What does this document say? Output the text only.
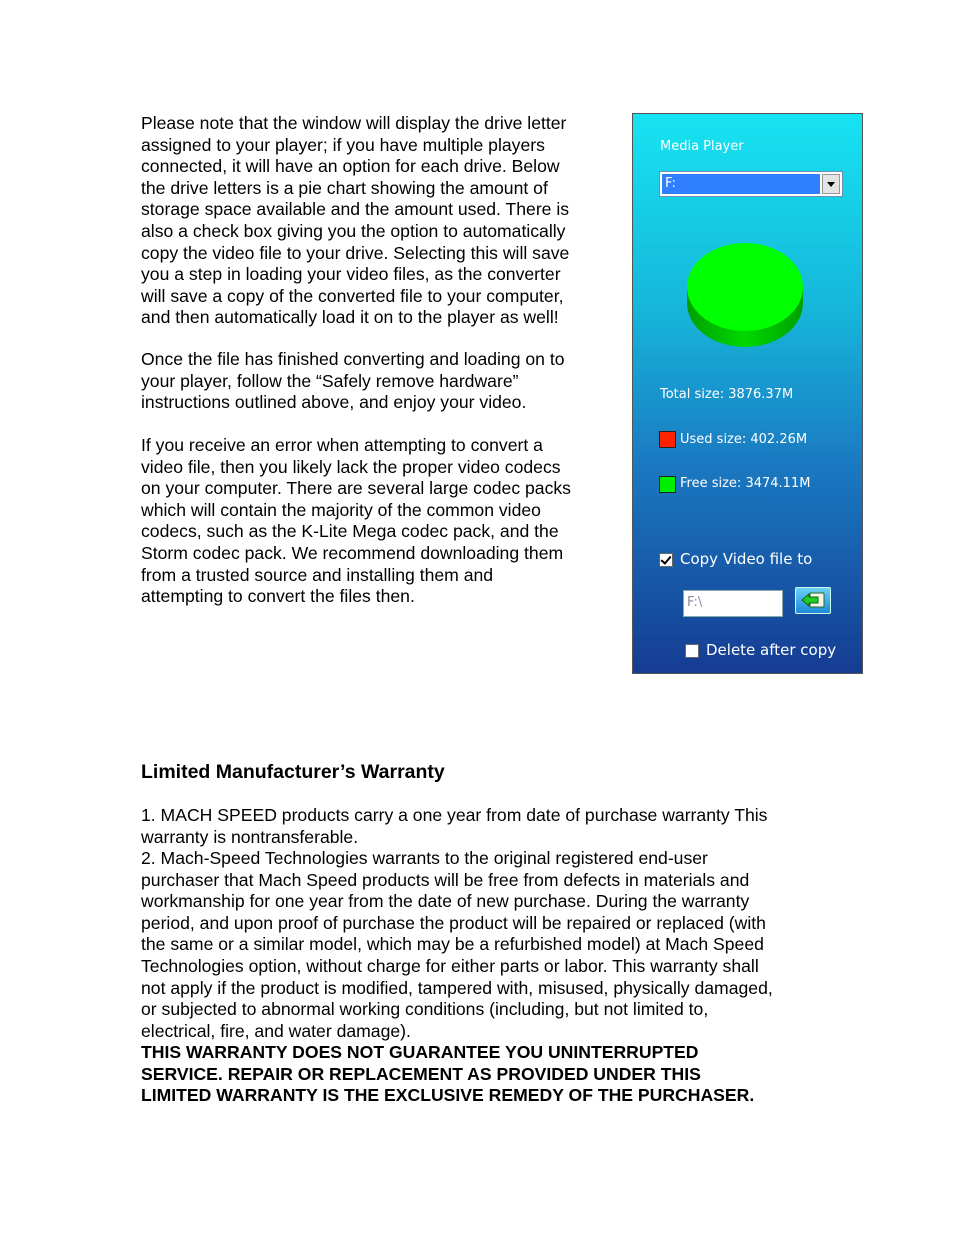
Please note that the window will display the drive letter
assigned to your player; if you have multiple players
connected, it will have an option for each drive. Below
the drive letters is a pie chart showing the amount of
storage space available and the amount used. There is
also a check box giving you the option to automatically
copy the video file to your drive. Selecting this will save
you a step in loading your video files, as the converter
will save a copy of the converted file to your computer,
and then automatically load it on to the player as well!

Once the file has finished converting and loading on to
your player, follow the “Safely remove hardware”
instructions outlined above, and enjoy your video.

If you receive an error when attempting to convert a
video file, then you likely lack the proper video codecs
on your computer. There are several large codec packs
which will contain the majority of the common video
codecs, such as the K-Lite Mega codec pack, and the
Storm codec pack. We recommend downloading them
from a trusted source and installing them and
attempting to convert the files then.

Media Player
F:
Total size: 3876.37M
Used size: 402.26M
Free size: 3474.11M
Copy Video file to
F:\
Delete after copy
Limited Manufacturer’s Warranty

1. MACH SPEED products carry a one year from date of purchase warranty This
warranty is nontransferable.

2. Mach-Speed Technologies warrants to the original registered end-user
purchaser that Mach Speed products will be free from defects in materials and
workmanship for one year from the date of new purchase. During the warranty
period, and upon proof of purchase the product will be repaired or replaced (with
the same or a similar model, which may be a refurbished model) at Mach Speed
Technologies option, without charge for either parts or labor. This warranty shall
not apply if the product is modified, tampered with, misused, physically damaged,
or subjected to abnormal working conditions (including, but not limited to,
electrical, fire, and water damage).

THIS WARRANTY DOES NOT GUARANTEE YOU UNINTERRUPTED
SERVICE. REPAIR OR REPLACEMENT AS PROVIDED UNDER THIS
LIMITED WARRANTY IS THE EXCLUSIVE REMEDY OF THE PURCHASER.
